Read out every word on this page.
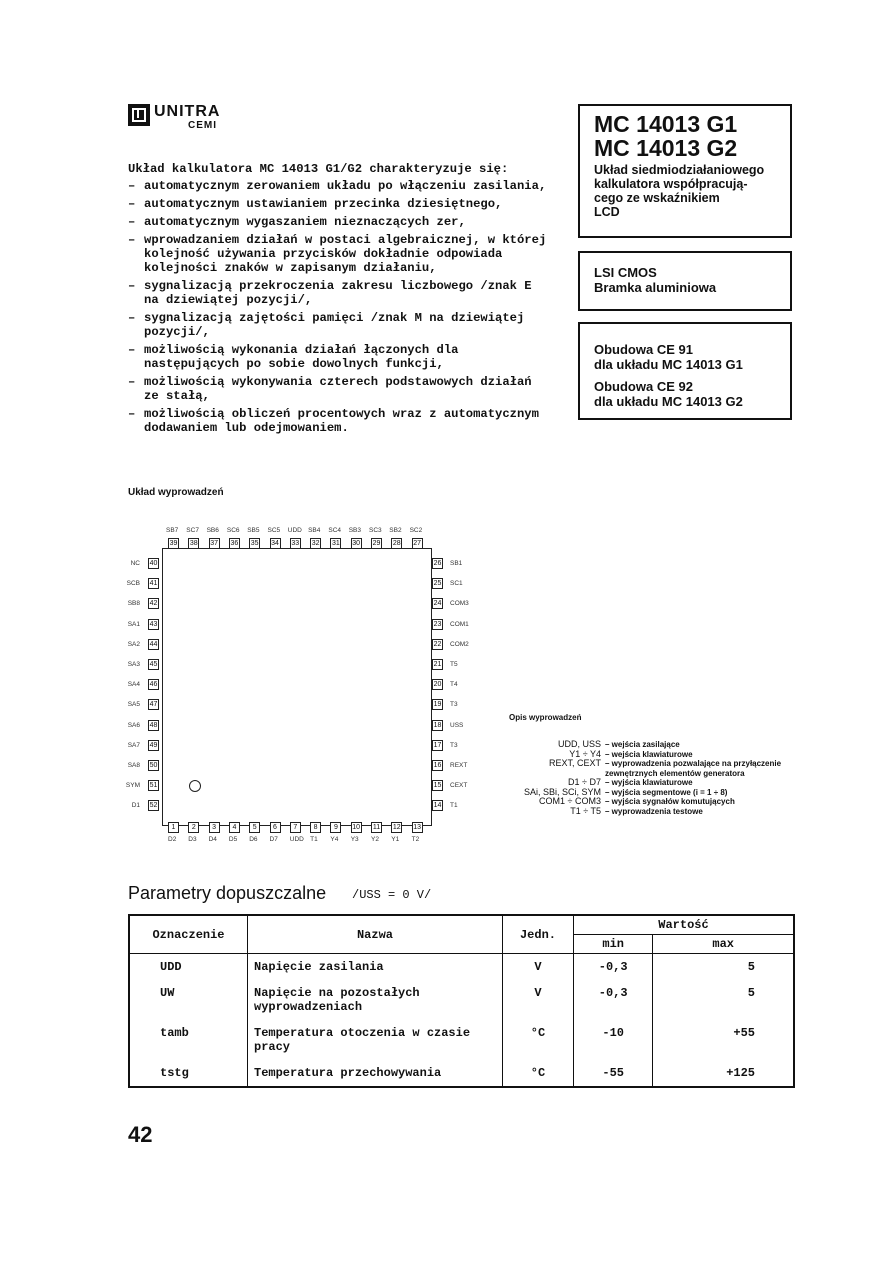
UNITRA
CEMI	MC 14013 G1
MC 14013 G2
Układ siedmiodziałaniowego
kalkulatora współpracują-
cego ze wskaźnikiem
LCD
LSI CMOS
Bramka aluminiowa
Obudowa CE 91
dla układu MC 14013 G1
Obudowa CE 92
dla układu MC 14013 G2

Układ kalkulatora MC 14013 G1/G2 charakteryzuje się:

– automatycznym zerowaniem układu po włączeniu zasilania,
– automatycznym ustawianiem przecinka dziesiętnego,
– automatycznym wygaszaniem nieznaczących zer,
– wprowadzaniem działań w postaci algebraicznej, w której kolejność używania przycisków dokładnie odpowiada kolejności znaków w zapisanym działaniu,
– sygnalizacją przekroczenia zakresu liczbowego /znak E na dziewiątej pozycji/,
– sygnalizacją zajętości pamięci /znak M na dziewiątej pozycji/,
– możliwością wykonania działań łączonych dla następujących po sobie dowolnych funkcji,
– możliwością wykonywania czterech podstawowych działań ze stałą,
– możliwością obliczeń procentowych wraz z automatycznym dodawaniem lub odejmowaniem.
Układ wyprowadzeń
39
SB7
38
SC7
37
SB6
36
SC6
35
SB5
34
SC5
33
UDD
32
SB4
31
SC4
30
SB3
29
SC3
28
SB2
27
SC2
1
D2
2
D3
3
D4
4
D5
5
D6
6
D7
7
UDD
8
T1
9
Y4
10
Y3
11
Y2
12
Y1
13
T2
40
NC
41
SCB
42
SB8
43
SA1
44
SA2
45
SA3
46
SA4
47
SA5
48
SA6
49
SA7
50
SA8
51
SYM
52
D1
26 SB1
25 SC1
24 COM3
23 COM1
22 COM2
21 T5
20 T4
19 T3
18 USS
17 T3
16 REXT
15 CEXT
14 T1
Opis wyprowadzeń
UDD, USS – wejścia zasilające
Y1 ÷ Y4 – wejścia klawiaturowe
REXT, CEXT – wyprowadzenia pozwalające na przyłączenie zewnętrznych elementów generatora
D1 ÷ D7 – wyjścia klawiaturowe
SAi, SBi, SCi, SYM – wyjścia segmentowe (i = 1 ÷ 8)
COM1 ÷ COM3 – wyjścia sygnałów komutujących
T1 ÷ T5 – wyprowadzenia testowe
Parametry dopuszczalne /USS = 0 V/
Oznaczenie	Nazwa	Jedn.	Wartość	
			min	max
UDD	Napięcie zasilania	V	-0,3	5
UW	Napięcie na pozostałych wyprowadzeniach	V	-0,3	5
tamb	Temperatura otoczenia w czasie pracy	°C	-10	+55
tstg	Temperatura przechowywania	°C	-55	+125
42
